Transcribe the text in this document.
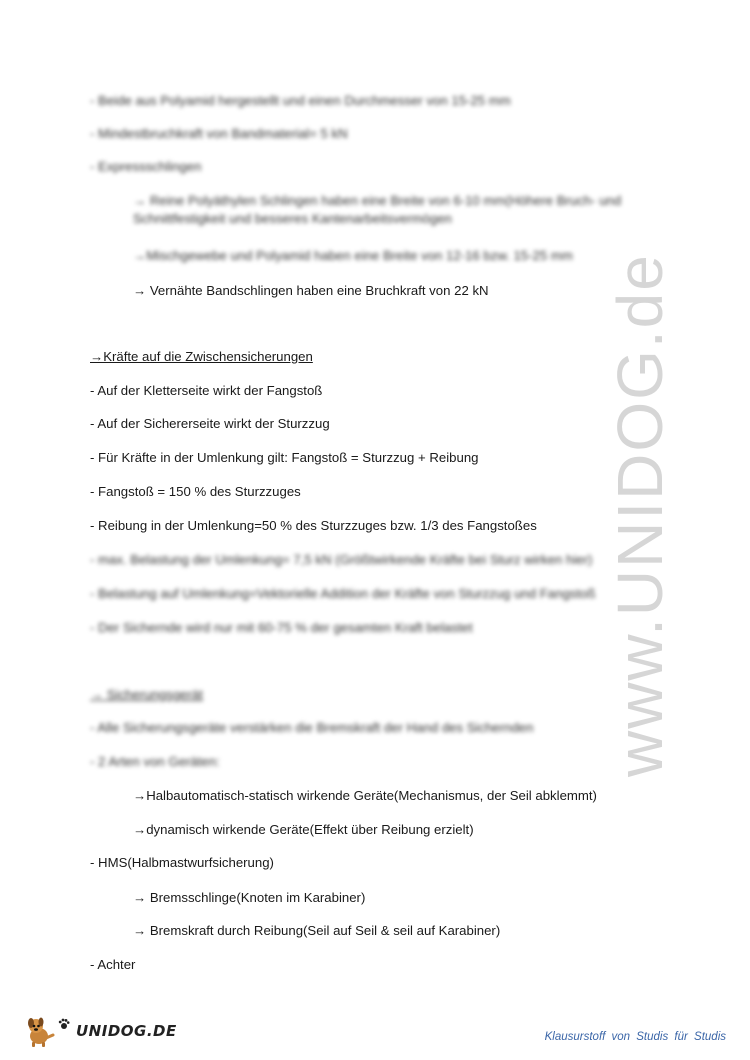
www.UNIDOG.de
- Beide aus Polyamid hergestellt und einen Durchmesser von 15-25 mm
- Mindestbruchkraft von Bandmaterial= 5 kN
- Expressschlingen
→ Reine Polyäthylen Schlingen haben eine Breite von 6-10 mm(Höhere Bruch- und Schnittfestigkeit und besseres Kantenarbeitsvermögen
→Mischgewebe und Polyamid haben eine Breite von 12-16 bzw. 15-25 mm
→ Vernähte Bandschlingen haben eine Bruchkraft von 22 kN
→Kräfte auf die Zwischensicherungen
- Auf der Kletterseite wirkt der Fangstoß
- Auf der Sichererseite wirkt der Sturzzug
- Für Kräfte in der Umlenkung gilt: Fangstoß = Sturzzug + Reibung
- Fangstoß = 150 % des Sturzzuges
- Reibung in der Umlenkung=50 % des Sturzzuges bzw. 1/3 des Fangstoßes
- max. Belastung der Umlenkung= 7,5 kN (Größtwirkende Kräfte bei Sturz wirken hier)
- Belastung auf Umlenkung=Vektorielle Addition der Kräfte von Sturzzug und Fangstoß
- Der Sichernde wird nur mit 60-75 % der gesamten Kraft belastet
→ Sicherungsgerät
- Alle Sicherungsgeräte verstärken die Bremskraft der Hand des Sichernden
- 2 Arten von Geräten:
→Halbautomatisch-statisch wirkende Geräte(Mechanismus, der Seil abklemmt)
→dynamisch wirkende Geräte(Effekt über Reibung erzielt)
- HMS(Halbmastwurfsicherung)
→ Bremsschlinge(Knoten im Karabiner)
→ Bremskraft durch Reibung(Seil auf Seil & seil auf Karabiner)
- Achter
UNIDOG.DE	Klausurstoff von Studis für Studis
